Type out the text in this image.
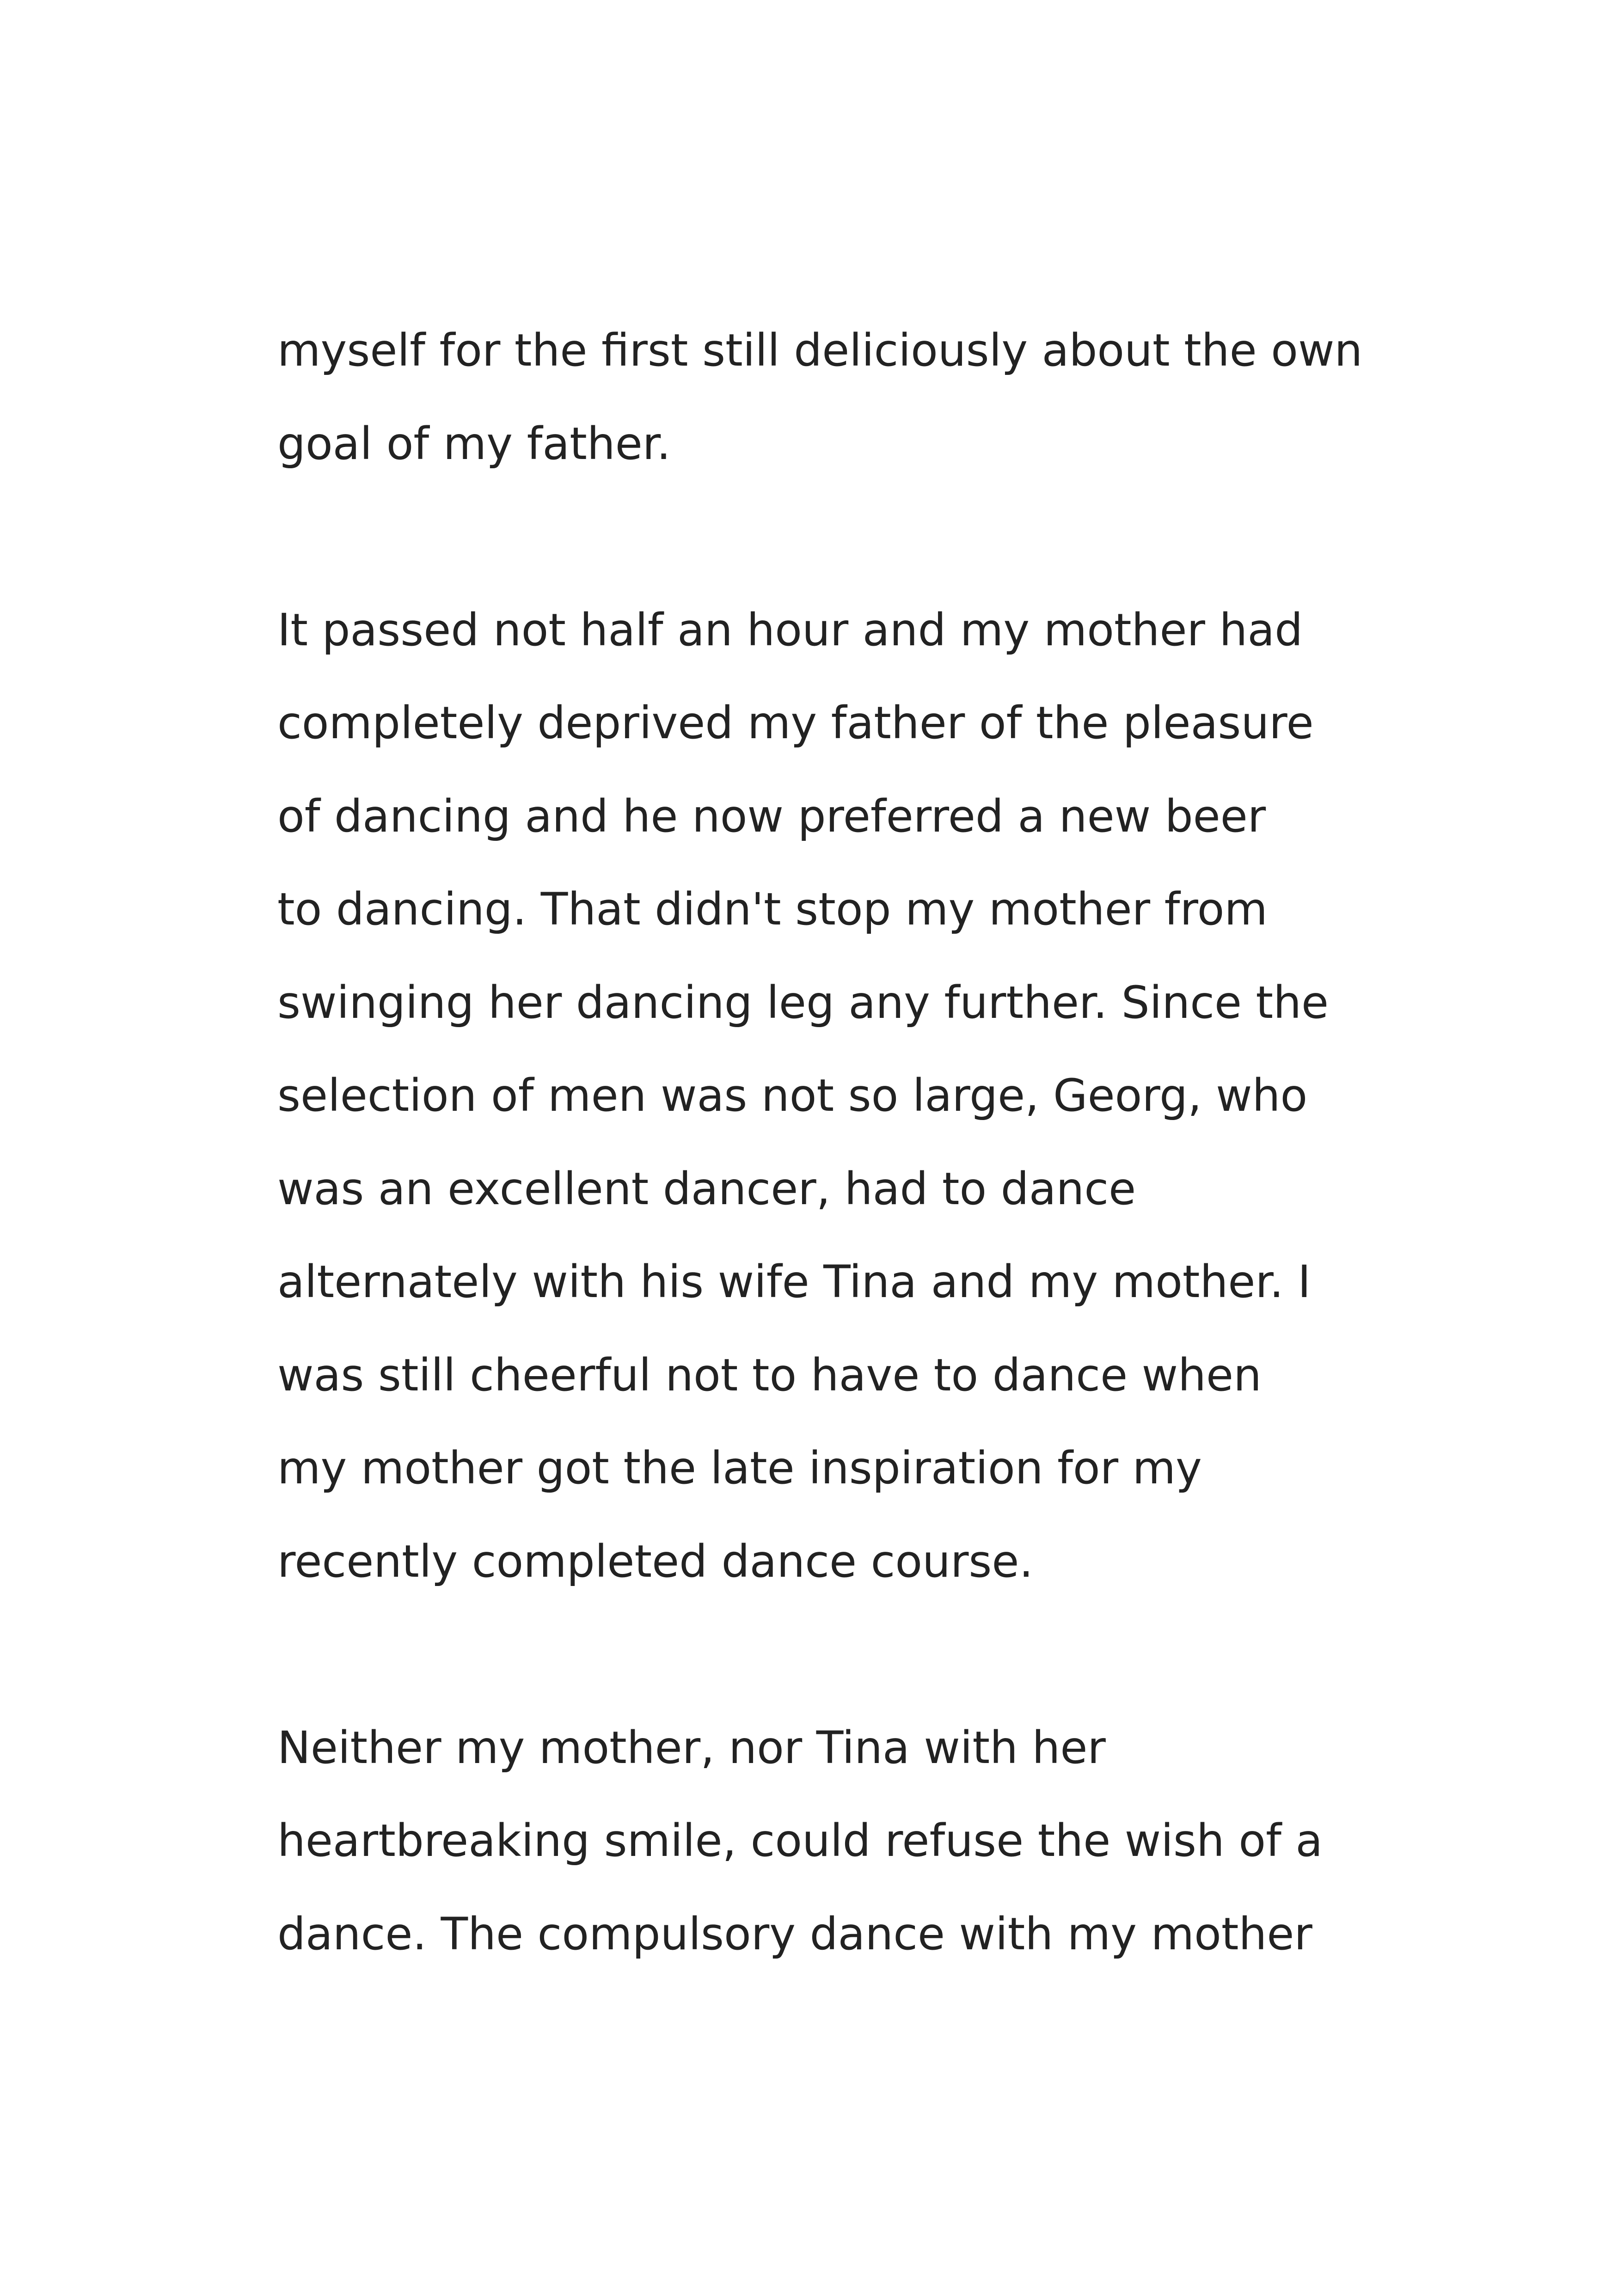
myself for the first still deliciously about the own
goal of my father.

It passed not half an hour and my mother had
completely deprived my father of the pleasure
of dancing and he now preferred a new beer
to dancing. That didn't stop my mother from
swinging her dancing leg any further. Since the
selection of men was not so large, Georg, who
was an excellent dancer, had to dance
alternately with his wife Tina and my mother. I
was still cheerful not to have to dance when
my mother got the late inspiration for my
recently completed dance course.

Neither my mother, nor Tina with her
heartbreaking smile, could refuse the wish of a
dance. The compulsory dance with my mother
